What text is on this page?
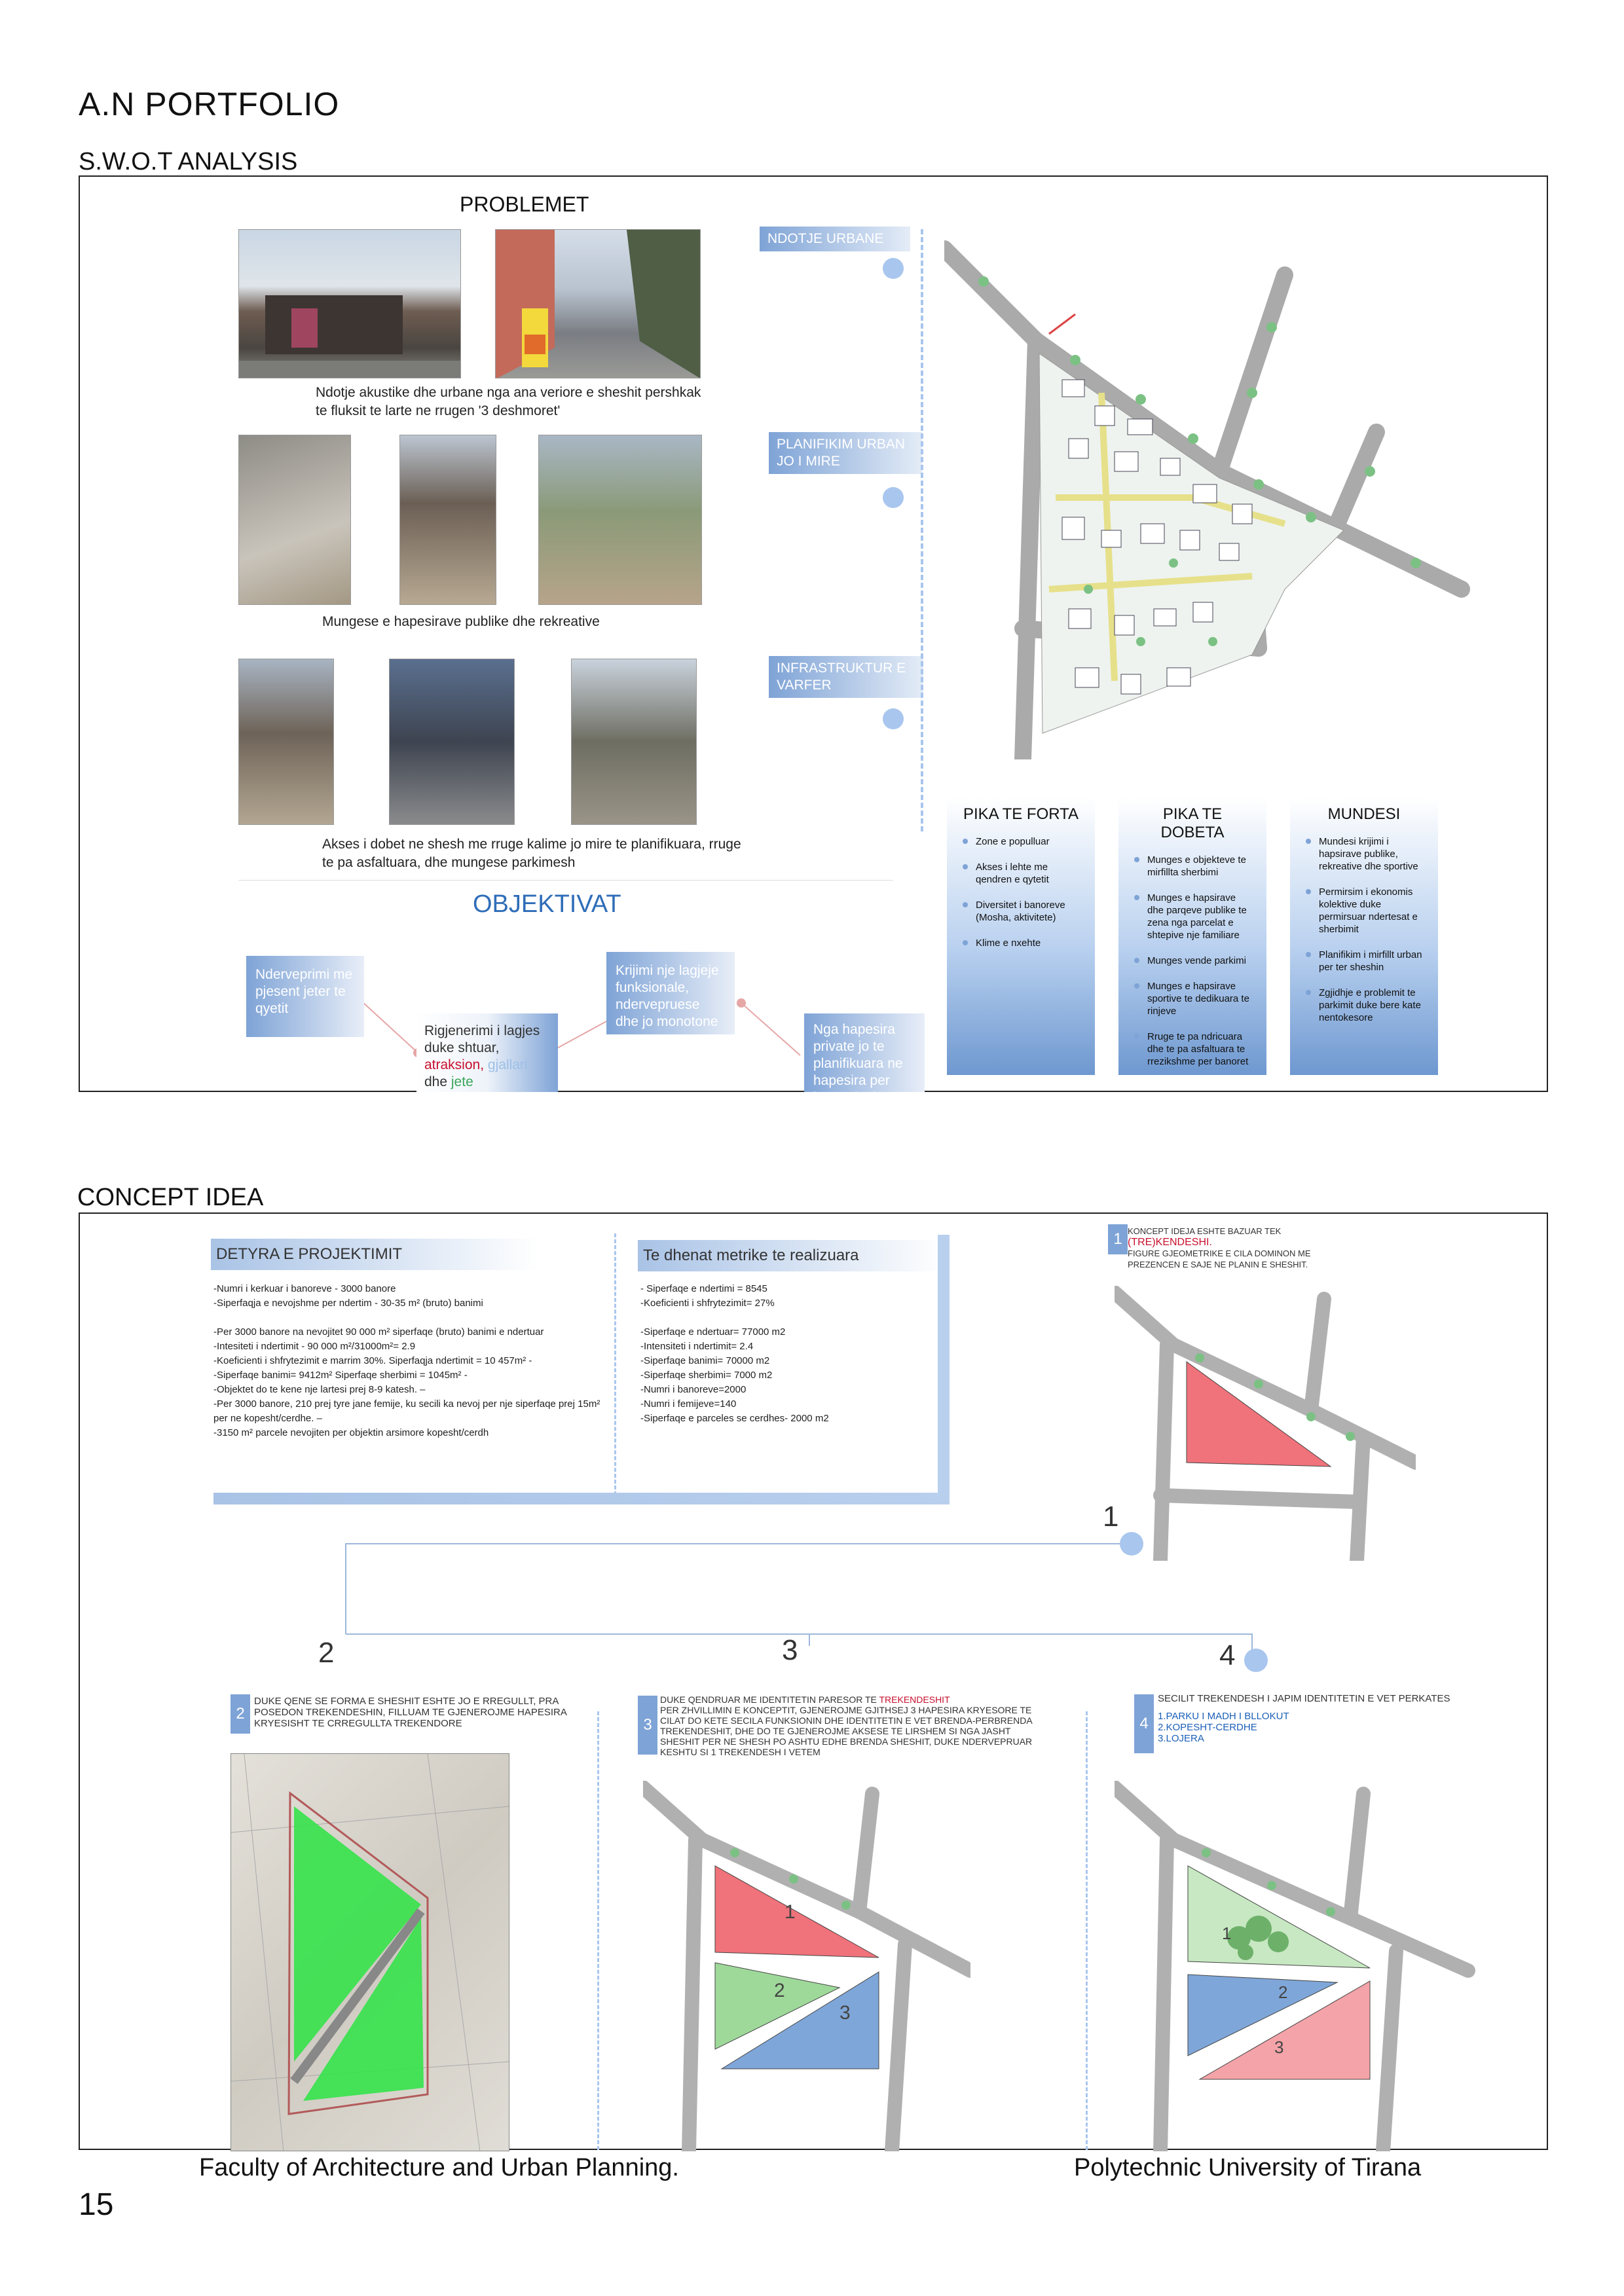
A.N PORTFOLIO
S.W.O.T ANALYSIS
PROBLEMET
Ndotje akustike dhe urbane nga ana veriore e sheshit pershkak te fluksit te larte ne rrugen '3 deshmoret'
Mungese e hapesirave publike dhe rekreative
Akses i dobet ne shesh me rruge kalime jo mire te planifikuara, rruge te pa asfaltuara, dhe mungese parkimesh
NDOTJE URBANE
PLANIFIKIM URBAN JO I MIRE
INFRASTRUKTUR E VARFER
PIKA TE FORTA
Zone e populluar
Akses i lehte me qendren e qytetit
Diversitet i banoreve (Mosha, aktivitete)
Klime e nxehte
PIKA TE DOBETA
Munges e objekteve te mirfillta sherbimi
Munges e hapsirave dhe parqeve publike te zena nga parcelat e shtepive nje familiare
Munges vende parkimi
Munges e hapsirave sportive te dedikuara te rinjeve
Rruge te pa ndricuara dhe te pa asfaltuara te rrezikshme per banoret
MUNDESI
Mundesi krijimi i hapsirave publike, rekreative dhe sportive
Permirsim i ekonomis kolektive duke permirsuar ndertesat e sherbimit
Planifikim i mirfillt urban per ter sheshin
Zgjidhje e problemit te parkimit duke bere kate nentokesore
OBJEKTIVAT
Nderveprimi me pjesent jeter te qyetit
Krijimi nje lagjeje funksionale, ndervepruese dhe jo monotone
Nga hapesira private jo te planifikuara ne hapesira per komunitetin
Rigjenerimi i lagjes
duke shtuar,
atraksion, gjallari
dhe jete
CONCEPT IDEA
DETYRA E PROJEKTIMIT
-Numri i kerkuar i banoreve - 3000 banore
-Siperfaqja e nevojshme per ndertim - 30-35 m² (bruto) banimi
-Per 3000 banore na nevojitet 90 000 m² siperfaqe (bruto) banimi e ndertuar
-Intesiteti i ndertimit - 90 000 m²/31000m²= 2.9
-Koeficienti i shfrytezimit e marrim 30%. Siperfaqja ndertimit = 10 457m² -
-Siperfaqe banimi= 9412m² Siperfaqe sherbimi = 1045m² -
-Objektet do te kene nje lartesi prej 8-9 katesh. –
-Per 3000 banore, 210 prej tyre jane femije, ku secili ka nevoj per nje siperfaqe prej 15m² per ne kopesht/cerdhe. –
-3150 m² parcele nevojiten per objektin arsimore kopesht/cerdh
Te dhenat metrike te realizuara
- Siperfaqe e ndertimi = 8545
-Koeficienti i shfrytezimit= 27%
-Siperfaqe e ndertuar= 77000 m2
-Intensiteti i ndertimit= 2.4
-Siperfaqe banimi= 70000 m2
-Siperfaqe sherbimi= 7000 m2
-Numri i banoreve=2000
-Numri i femijeve=140
-Siperfaqe e parceles se cerdhes- 2000 m2
1 KONCEPT IDEJA ESHTE BAZUAR TEK (TRE)KENDESHI.
FIGURE GJEOMETRIKE E CILA DOMINON ME PREZENCEN E SAJE NE PLANIN E SHESHIT.
1
2	3	4
2
DUKE QENE SE FORMA E SHESHIT ESHTE JO E RREGULLT, PRA POSEDON TREKENDESHIN, FILLUAM TE GJENEROJME HAPESIRA KRYESISHT TE CRREGULLTA TREKENDORE	3
DUKE QENDRUAR ME IDENTITETIN PARESOR TE TREKENDESHIT
PER ZHVILLIMIN E KONCEPTIT, GJENEROJME GJITHSEJ 3 HAPESIRA KRYESORE TE CILAT DO KETE SECILA FUNKSIONIN DHE IDENTITETIN E VET BRENDA-PERBRENDA TREKENDESHIT, DHE DO TE GJENEROJME AKSESE TE LIRSHEM SI NGA JASHT SHESHIT PER NE SHESH PO ASHTU EDHE BRENDA SHESHIT, DUKE NDERVEPRUAR KESHTU SI 1 TREKENDESH I VETEM
1
2
3
4
SECILIT TREKENDESH I JAPIM IDENTITETIN E VET PERKATES
1.PARKU I MADH I BLLOKUT
2.KOPESHT-CERDHE
3.LOJERA
1
2
3
Faculty of Architecture and Urban Planning.	Polytechnic University of Tirana
15
